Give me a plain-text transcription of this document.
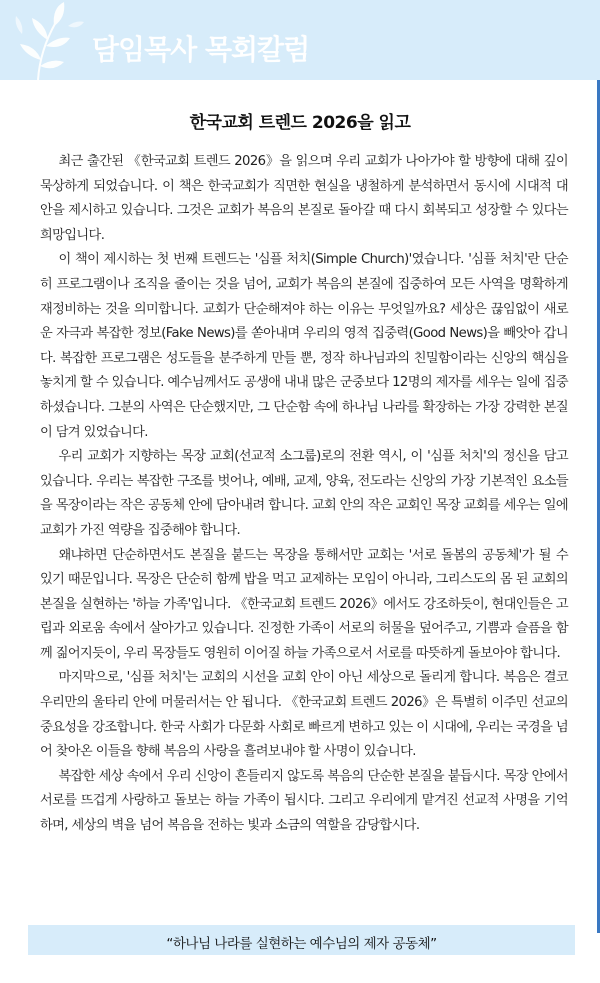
담임목사 목회칼럼
한국교회 트렌드 2026을 읽고

최근 출간된 《한국교회 트렌드 2026》을 읽으며 우리 교회가 나아가야 할 방향에 대해 깊이 묵상하게 되었습니다. 이 책은 한국교회가 직면한 현실을 냉철하게 분석하면서 동시에 시대적 대안을 제시하고 있습니다. 그것은 교회가 복음의 본질로 돌아갈 때 다시 회복되고 성장할 수 있다는 희망입니다.

이 책이 제시하는 첫 번째 트렌드는 '심플 처치(Simple Church)'였습니다. '심플 처치'란 단순히 프로그램이나 조직을 줄이는 것을 넘어, 교회가 복음의 본질에 집중하여 모든 사역을 명확하게 재정비하는 것을 의미합니다. 교회가 단순해져야 하는 이유는 무엇일까요? 세상은 끊임없이 새로운 자극과 복잡한 정보(Fake News)를 쏟아내며 우리의 영적 집중력(Good News)을 빼앗아 갑니다. 복잡한 프로그램은 성도들을 분주하게 만들 뿐, 정작 하나님과의 친밀함이라는 신앙의 핵심을 놓치게 할 수 있습니다. 예수님께서도 공생애 내내 많은 군중보다 12명의 제자를 세우는 일에 집중하셨습니다. 그분의 사역은 단순했지만, 그 단순함 속에 하나님 나라를 확장하는 가장 강력한 본질이 담겨 있었습니다.

우리 교회가 지향하는 목장 교회(선교적 소그룹)로의 전환 역시, 이 '심플 처치'의 정신을 담고 있습니다. 우리는 복잡한 구조를 벗어나, 예배, 교제, 양육, 전도라는 신앙의 가장 기본적인 요소들을 목장이라는 작은 공동체 안에 담아내려 합니다. 교회 안의 작은 교회인 목장 교회를 세우는 일에 교회가 가진 역량을 집중해야 합니다.

왜냐하면 단순하면서도 본질을 붙드는 목장을 통해서만 교회는 '서로 돌봄의 공동체'가 될 수 있기 때문입니다. 목장은 단순히 함께 밥을 먹고 교제하는 모임이 아니라, 그리스도의 몸 된 교회의 본질을 실현하는 '하늘 가족'입니다. 《한국교회 트렌드 2026》에서도 강조하듯이, 현대인들은 고립과 외로움 속에서 살아가고 있습니다. 진정한 가족이 서로의 허물을 덮어주고, 기쁨과 슬픔을 함께 짊어지듯이, 우리 목장들도 영원히 이어질 하늘 가족으로서 서로를 따뜻하게 돌보아야 합니다.

마지막으로, '심플 처치'는 교회의 시선을 교회 안이 아닌 세상으로 돌리게 합니다. 복음은 결코 우리만의 울타리 안에 머물러서는 안 됩니다. 《한국교회 트렌드 2026》은 특별히 이주민 선교의 중요성을 강조합니다. 한국 사회가 다문화 사회로 빠르게 변하고 있는 이 시대에, 우리는 국경을 넘어 찾아온 이들을 향해 복음의 사랑을 흘려보내야 할 사명이 있습니다.

복잡한 세상 속에서 우리 신앙이 흔들리지 않도록 복음의 단순한 본질을 붙듭시다. 목장 안에서 서로를 뜨겁게 사랑하고 돌보는 하늘 가족이 됩시다. 그리고 우리에게 맡겨진 선교적 사명을 기억하며, 세상의 벽을 넘어 복음을 전하는 빛과 소금의 역할을 감당합시다.

“하나님 나라를 실현하는 예수님의 제자 공동체”
